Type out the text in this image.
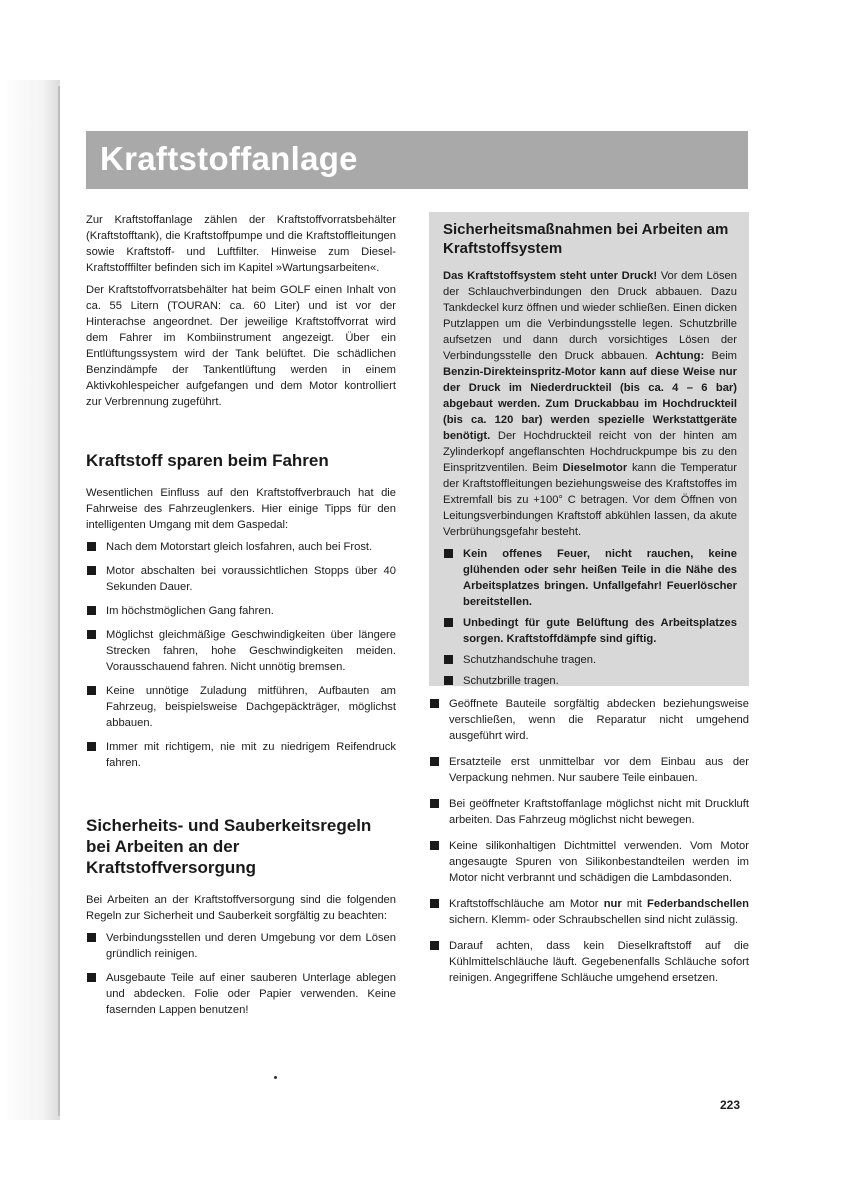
Kraftstoffanlage

Zur Kraftstoffanlage zählen der Kraftstoffvorratsbehälter (Kraftstofftank), die Kraftstoffpumpe und die Kraftstoffleitungen sowie Kraftstoff- und Luftfilter. Hinweise zum Diesel-Kraftstofffilter befinden sich im Kapitel »Wartungsarbeiten«.

Der Kraftstoffvorratsbehälter hat beim GOLF einen Inhalt von ca. 55 Litern (TOURAN: ca. 60 Liter) und ist vor der Hinterachse angeordnet. Der jeweilige Kraftstoffvorrat wird dem Fahrer im Kombiinstrument angezeigt. Über ein Entlüftungssystem wird der Tank belüftet. Die schädlichen Benzindämpfe der Tankentlüftung werden in einem Aktivkohlespeicher aufgefangen und dem Motor kontrolliert zur Verbrennung zugeführt.

Kraftstoff sparen beim Fahren

Wesentlichen Einfluss auf den Kraftstoffverbrauch hat die Fahrweise des Fahrzeuglenkers. Hier einige Tipps für den intelligenten Umgang mit dem Gaspedal:

Nach dem Motorstart gleich losfahren, auch bei Frost.
Motor abschalten bei voraussichtlichen Stopps über 40 Sekunden Dauer.
Im höchstmöglichen Gang fahren.
Möglichst gleichmäßige Geschwindigkeiten über längere Strecken fahren, hohe Geschwindigkeiten meiden. Vorausschauend fahren. Nicht unnötig bremsen.
Keine unnötige Zuladung mitführen, Aufbauten am Fahrzeug, beispielsweise Dachgepäckträger, möglichst abbauen.
Immer mit richtigem, nie mit zu niedrigem Reifendruck fahren.
Sicherheits- und Sauberkeitsregeln bei Arbeiten an der Kraftstoffversorgung

Bei Arbeiten an der Kraftstoffversorgung sind die folgenden Regeln zur Sicherheit und Sauberkeit sorgfältig zu beachten:

Verbindungsstellen und deren Umgebung vor dem Lösen gründlich reinigen.
Ausgebaute Teile auf einer sauberen Unterlage ablegen und abdecken. Folie oder Papier verwenden. Keine fasernden Lappen benutzen!
Sicherheitsmaßnahmen bei Arbeiten am Kraftstoffsystem

Das Kraftstoffsystem steht unter Druck! Vor dem Lösen der Schlauchverbindungen den Druck abbauen. Dazu Tankdeckel kurz öffnen und wieder schließen. Einen dicken Putzlappen um die Verbindungsstelle legen. Schutzbrille aufsetzen und dann durch vorsichtiges Lösen der Verbindungsstelle den Druck abbauen. Achtung: Beim Benzin-Direkteinspritz-Motor kann auf diese Weise nur der Druck im Niederdruckteil (bis ca. 4 – 6 bar) abgebaut werden. Zum Druckabbau im Hochdruckteil (bis ca. 120 bar) werden spezielle Werkstattgeräte benötigt. Der Hochdruckteil reicht von der hinten am Zylinderkopf angeflanschten Hochdruckpumpe bis zu den Einspritzventilen. Beim Dieselmotor kann die Temperatur der Kraftstoffleitungen beziehungsweise des Kraftstoffes im Extremfall bis zu +100° C betragen. Vor dem Öffnen von Leitungsverbindungen Kraftstoff abkühlen lassen, da akute Verbrühungsgefahr besteht.

Kein offenes Feuer, nicht rauchen, keine glühenden oder sehr heißen Teile in die Nähe des Arbeitsplatzes bringen. Unfallgefahr! Feuerlöscher bereitstellen.
Unbedingt für gute Belüftung des Arbeitsplatzes sorgen. Kraftstoffdämpfe sind giftig.
Schutzhandschuhe tragen.
Schutzbrille tragen.
Geöffnete Bauteile sorgfältig abdecken beziehungsweise verschließen, wenn die Reparatur nicht umgehend ausgeführt wird.
Ersatzteile erst unmittelbar vor dem Einbau aus der Verpackung nehmen. Nur saubere Teile einbauen.
Bei geöffneter Kraftstoffanlage möglichst nicht mit Druckluft arbeiten. Das Fahrzeug möglichst nicht bewegen.
Keine silikonhaltigen Dichtmittel verwenden. Vom Motor angesaugte Spuren von Silikonbestandteilen werden im Motor nicht verbrannt und schädigen die Lambdasonden.
Kraftstoffschläuche am Motor nur mit Federbandschellen sichern. Klemm- oder Schraubschellen sind nicht zulässig.
Darauf achten, dass kein Dieselkraftstoff auf die Kühlmittelschläuche läuft. Gegebenenfalls Schläuche sofort reinigen. Angegriffene Schläuche umgehend ersetzen.
223
